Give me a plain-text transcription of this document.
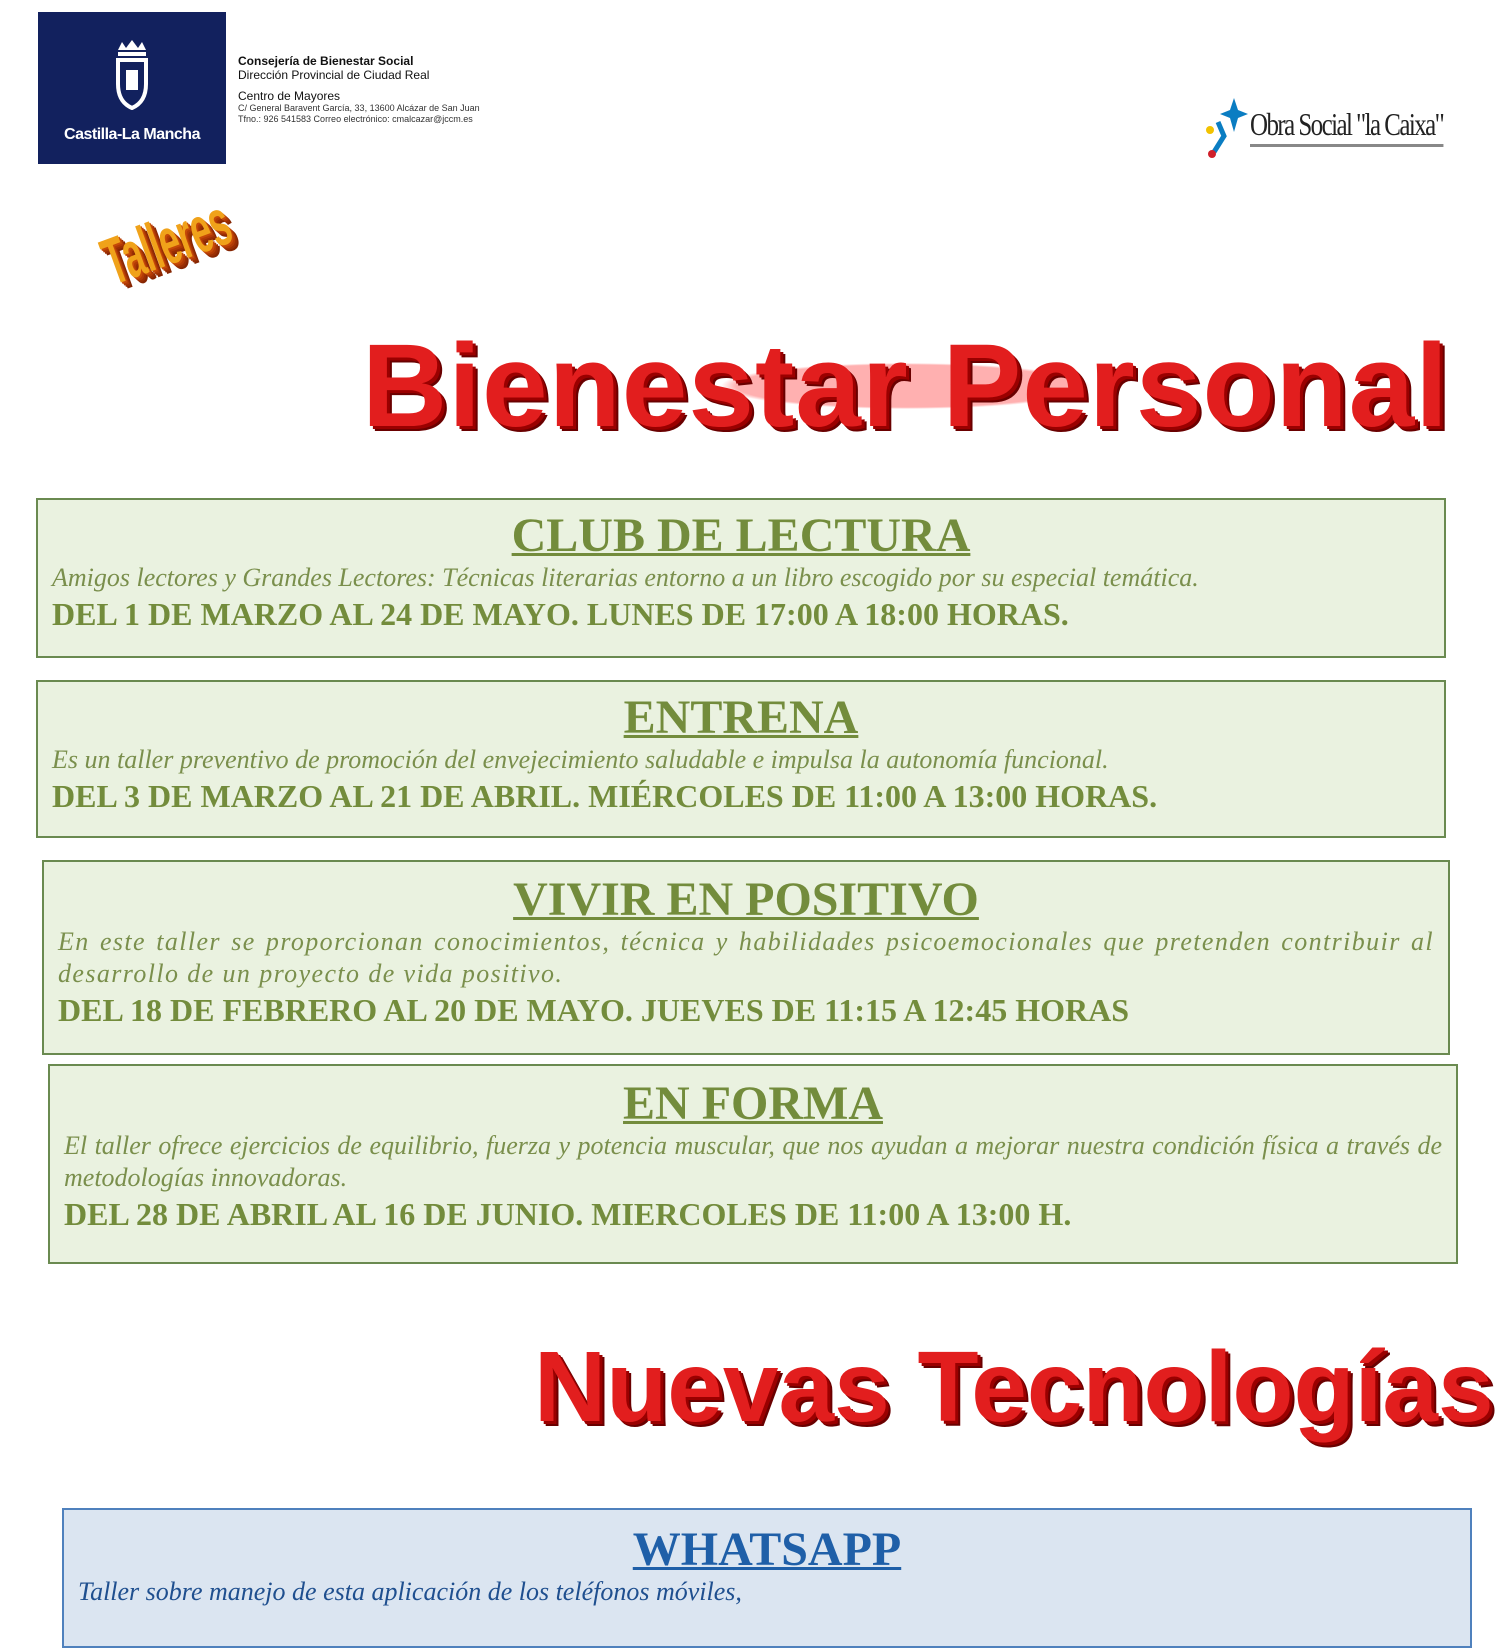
Castilla-La Mancha
Consejería de Bienestar Social
Dirección Provincial de Ciudad Real
Centro de Mayores
C/ General Baravent García, 33, 13600 Alcázar de San Juan
Tfno.: 926 541583 Correo electrónico: cmalcazar@jccm.es	Obra Social "la Caixa"
Talleres
Bienestar Personal
CLUB DE LECTURA
Amigos lectores y Grandes Lectores: Técnicas literarias entorno a un libro escogido por su especial temática.
DEL 1 DE MARZO AL 24 DE MAYO. LUNES DE 17:00 A 18:00 HORAS.
ENTRENA
Es un taller preventivo de promoción del envejecimiento saludable e impulsa la autonomía funcional.
DEL 3 DE MARZO AL 21 DE ABRIL. MIÉRCOLES DE 11:00 A 13:00 HORAS.
VIVIR EN POSITIVO
En este taller se proporcionan conocimientos, técnica y habilidades psicoemocionales que pretenden contribuir al desarrollo de un proyecto de vida positivo.
DEL 18 DE FEBRERO AL 20 DE MAYO. JUEVES DE 11:15 A 12:45 HORAS
EN FORMA
El taller ofrece ejercicios de equilibrio, fuerza y potencia muscular, que nos ayudan a mejorar nuestra condición física a través de metodologías innovadoras.
DEL 28 DE ABRIL AL 16 DE JUNIO. MIERCOLES DE 11:00 A 13:00 H.
Nuevas Tecnologías
WHATSAPP
Taller sobre manejo de esta aplicación de los teléfonos móviles,
